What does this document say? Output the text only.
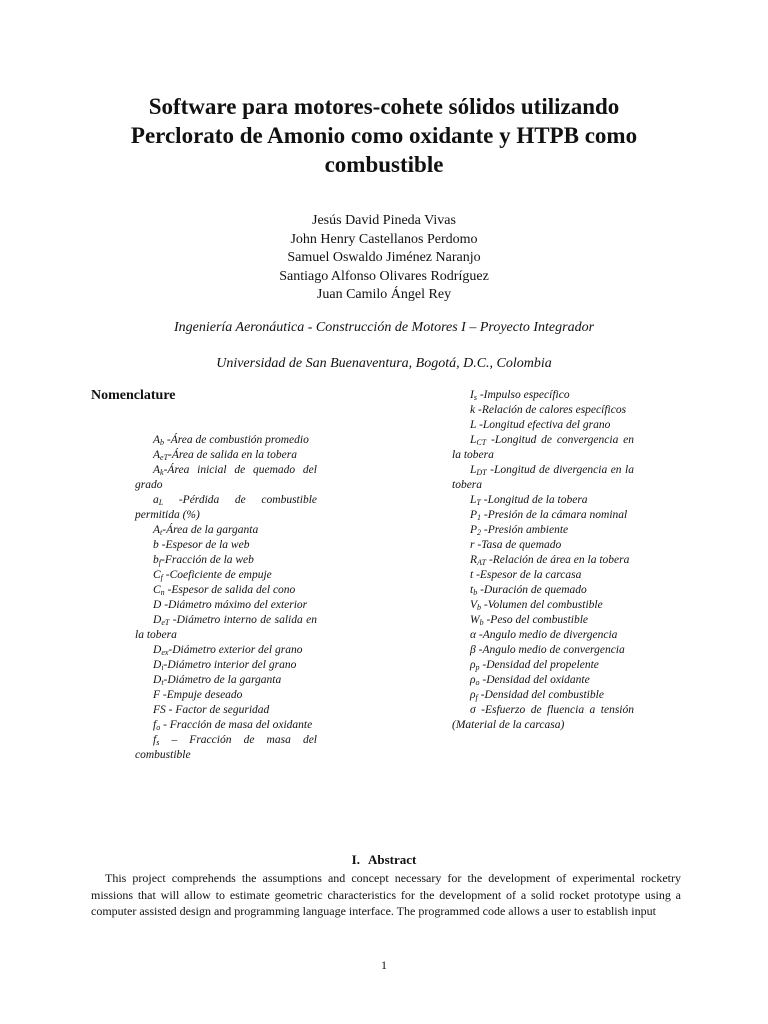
Software para motores-cohete sólidos utilizando
Perclorato de Amonio como oxidante y HTPB como
combustible
Jesús David Pineda Vivas
John Henry Castellanos Perdomo
Samuel Oswaldo Jiménez Naranjo
Santiago Alfonso Olivares Rodríguez
Juan Camilo Ángel Rey
Ingeniería Aeronáutica - Construcción de Motores I – Proyecto Integrador
Universidad de San Buenaventura, Bogotá, D.C., Colombia
Nomenclature
$A_b$ -Área de combustión promedio
$A_{eT}$-Área de salida en la tobera
$A_k$-Área inicial de quemado del grado
$a_L$ -Pérdida de combustible permitida (%)
$A_t$-Área de la garganta
b -Espesor de la web
$b_f$-Fracción de la web
$C_f$ -Coeficiente de empuje
$C_n$ -Espesor de salida del cono
D -Diámetro máximo del exterior
$D_{eT}$ -Diámetro interno de salida en la tobera
$D_{ex}$-Diámetro exterior del grano
$D_i$-Diámetro interior del grano
$D_t$-Diámetro de la garganta
F -Empuje deseado
FS - Factor de seguridad
$f_o$ - Fracción de masa del oxidante
$f_s$ – Fracción de masa del combustible
$I_s$ -Impulso específico
k -Relación de calores específicos
L -Longitud efectiva del grano
$L_{CT}$ -Longitud de convergencia en la tobera
$L_{DT}$ -Longitud de divergencia en la tobera
$L_T$ -Longitud de la tobera
$P_1$ -Presión de la cámara nominal
$P_2$ -Presión ambiente
r -Tasa de quemado
$R_{AT}$ -Relación de área en la tobera
t -Espesor de la carcasa
$t_b$ -Duración de quemado
$V_b$ -Volumen del combustible
$W_b$ -Peso del combustible
α -Angulo medio de divergencia
β -Angulo medio de convergencia
$\rho_p$ -Densidad del propelente
$\rho_o$ -Densidad del oxidante
$\rho_f$ -Densidad del combustible
σ -Esfuerzo de fluencia a tensión (Material de la carcasa)
I. Abstract
This project comprehends the assumptions and concept necessary for the development of experimental rocketry missions that will allow to estimate geometric characteristics for the development of a solid rocket prototype using a computer assisted design and programming language interface. The programmed code allows a user to establish input
1
